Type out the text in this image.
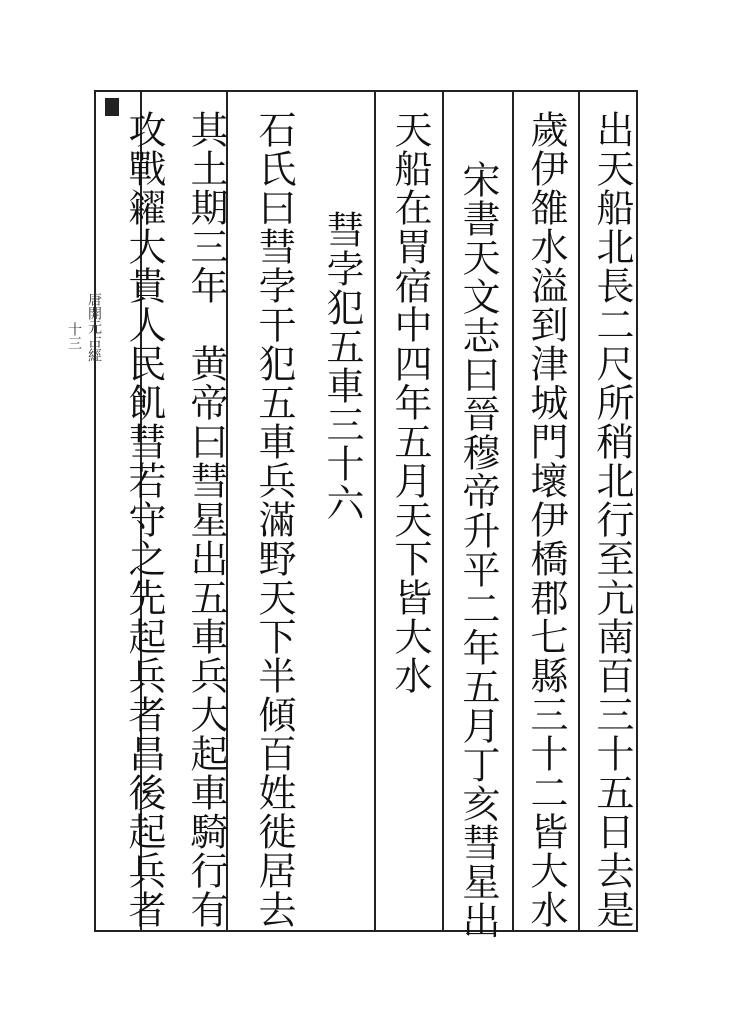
唐開元占經
十三	出天船北長二尺所稍北行至亢南百三十五日去是
歲伊雒水溢到津城門壞伊橋郡七縣三十二皆大水
宋書天文志曰晉穆帝升平二年五月丁亥彗星出
天船在胃宿中四年五月天下皆大水
彗孛犯五車三十六
石氏曰彗孛干犯五車兵滿野天下半傾百姓徙居去
其土期三年　黄帝曰彗星出五車兵大起車騎行有
攻戰糴大貴人民飢彗若守之先起兵者昌後起兵者
